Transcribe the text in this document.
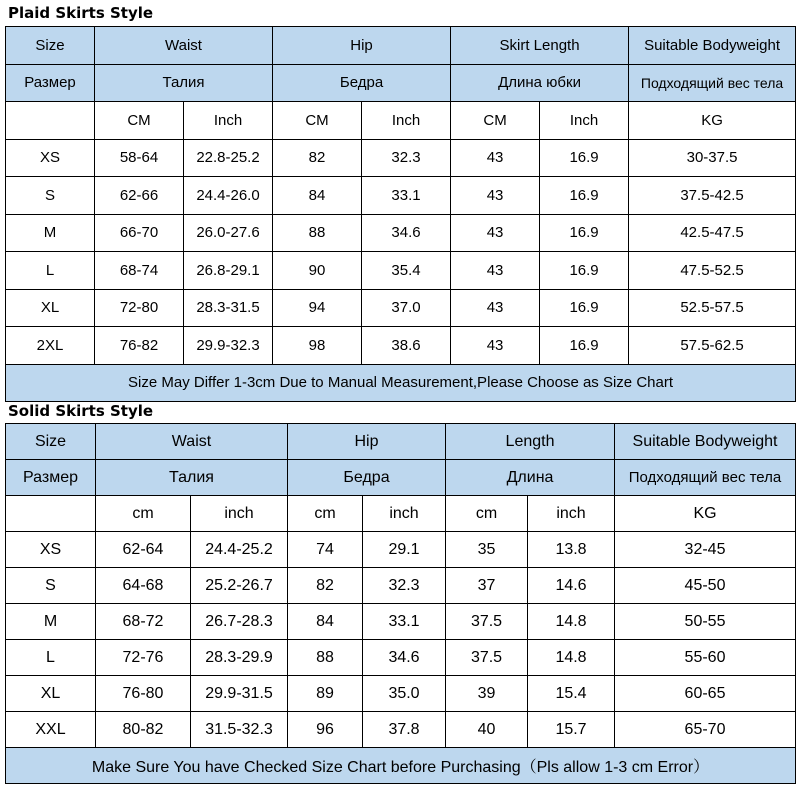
Plaid Skirts Style
Size	Waist		Hip		Skirt Length		Suitable Bodyweight
Размер	Талия		Бедра		Длина юбки		Подходящий вес тела
	CM	Inch	CM	Inch	CM	Inch	KG
XS	58-64	22.8-25.2	82	32.3	43	16.9	30-37.5
S	62-66	24.4-26.0	84	33.1	43	16.9	37.5-42.5
M	66-70	26.0-27.6	88	34.6	43	16.9	42.5-47.5
L	68-74	26.8-29.1	90	35.4	43	16.9	47.5-52.5
XL	72-80	28.3-31.5	94	37.0	43	16.9	52.5-57.5
2XL	76-82	29.9-32.3	98	38.6	43	16.9	57.5-62.5
Size May Differ 1-3cm Due to Manual Measurement,Please Choose as Size Chart							
Solid Skirts Style
Size	Waist		Hip		Length		Suitable Bodyweight
Размер	Талия		Бедра		Длина		Подходящий вес тела
	cm	inch	cm	inch	cm	inch	KG
XS	62-64	24.4-25.2	74	29.1	35	13.8	32-45
S	64-68	25.2-26.7	82	32.3	37	14.6	45-50
M	68-72	26.7-28.3	84	33.1	37.5	14.8	50-55
L	72-76	28.3-29.9	88	34.6	37.5	14.8	55-60
XL	76-80	29.9-31.5	89	35.0	39	15.4	60-65
XXL	80-82	31.5-32.3	96	37.8	40	15.7	65-70
Make Sure You have Checked Size Chart before Purchasing（Pls allow 1-3 cm Error）							
